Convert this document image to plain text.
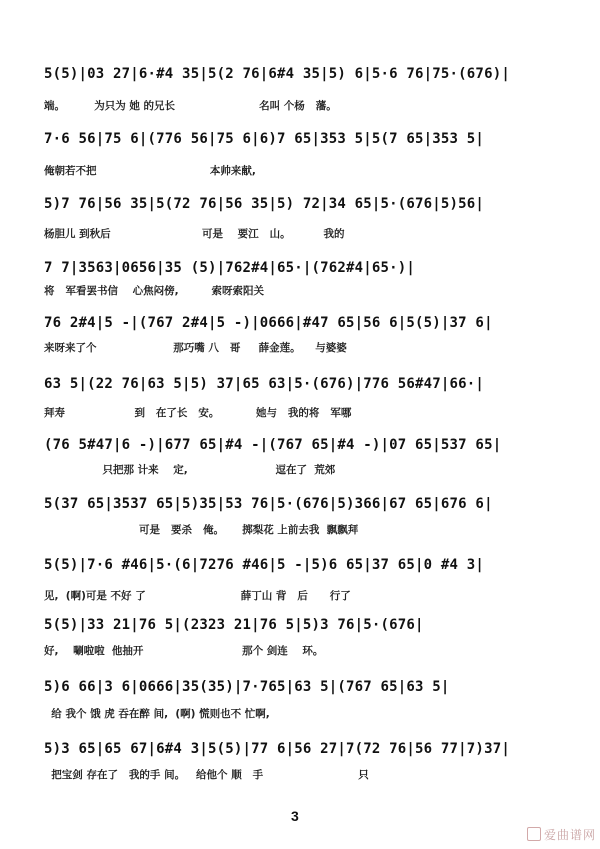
5(5)|03 27|6·#4 35|5(2 76|6#4 35|5) 6|5·6 76|75·(676)|
端。        为只为 她 的兄长                       名叫 个杨   藩。
7·6 56|75 6|(776 56|75 6|6)7 65|353 5|5(7 65|353 5|
俺朝若不把                               本帅来献,
5)7 76|56 35|5(72 76|56 35|5) 72|34 65|5·(676|5)56|
杨胆儿 到秋后                         可是    要江   山。         我的
7 7|3563|0656|35 (5)|762#4|65·|(762#4|65·)|
将   军看罢书信    心焦闷傍,         索呀索阳关
76 2#4|5 -|(767 2#4|5 -)|0666|#47 65|56 6|5(5)|37 6|
来呀来了个                     那巧嘴 八   哥     薛金莲。    与婆婆
63 5|(22 76|63 5|5) 37|65 63|5·(676)|776 56#47|66·|
拜寿                   到   在了长   安。          她与   我的将   军哪
(76 5#47|6 -)|677 65|#4 -|(767 65|#4 -)|07 65|537 65|
只把那 计来    定,                        逗在了  荒郊
5(37 65|3537 65|5)35|53 76|5·(676|5)366|67 65|676 6|
可是   要杀   俺。     掷梨花 上前去我  飘飘拜
5(5)|7·6 #46|5·(6|7276 #46|5 -|5)6 65|37 65|0 #4 3|
见,  (啊)可是 不好 了                          薛丁山 背   后      行了
5(5)|33 21|76 5|(2323 21|76 5|5)3 76|5·(676|
好,    唰啦啦  他抽开                           那个 剑连    环。
5)6 66|3 6|0666|35(35)|7·765|63 5|(767 65|63 5|
给 我个 饿 虎 吞在醉 间,  (啊) 慌则也不 忙啊,
5)3 65|65 67|6#4 3|5(5)|77 6|56 27|7(72 76|56 77|7)37|
把宝剑 存在了   我的手 间。   给他个 顺   手                          只
3
爱曲谱网
